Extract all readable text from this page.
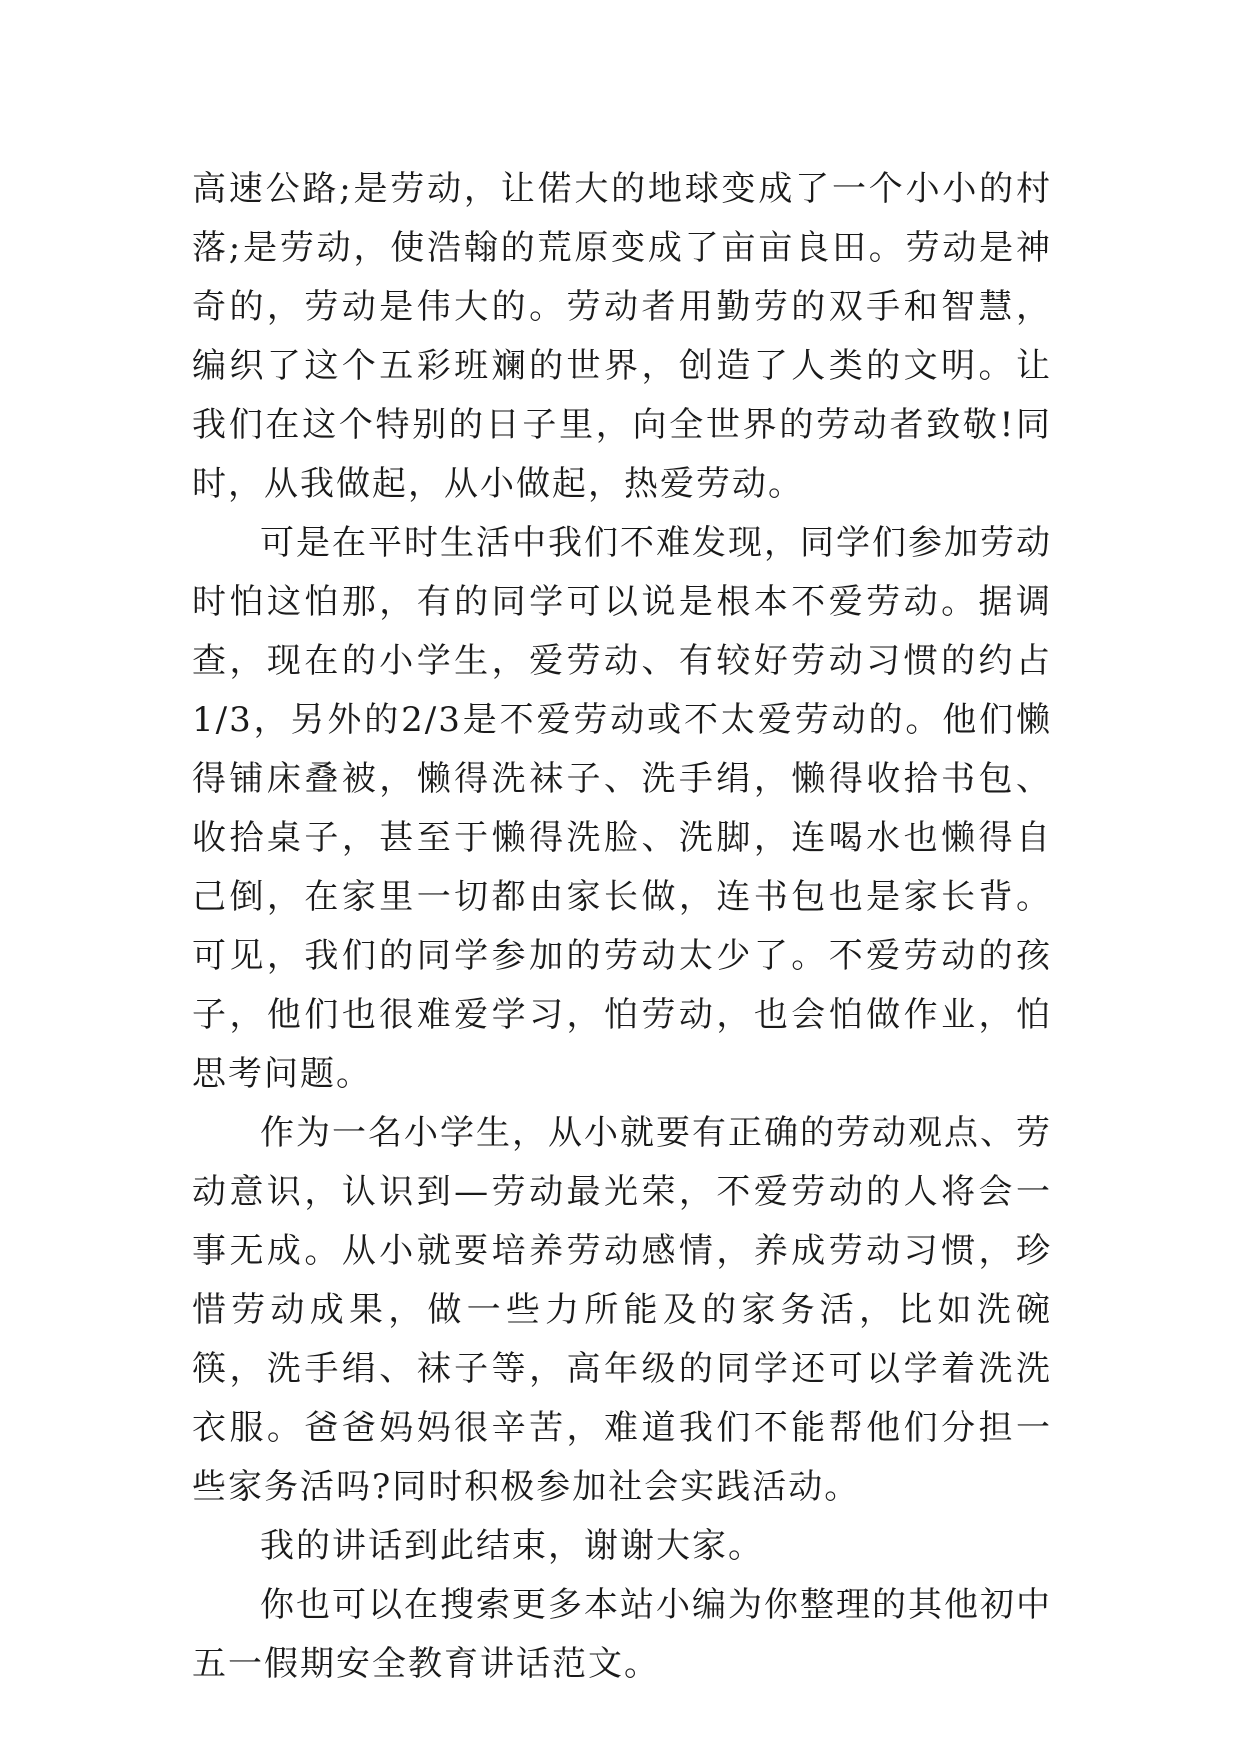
高速公路;是劳动，让偌大的地球变成了一个小小的村落;是劳动，使浩翰的荒原变成了亩亩良田。劳动是神奇的，劳动是伟大的。劳动者用勤劳的双手和智慧，编织了这个五彩班斓的世界，创造了人类的文明。让我们在这个特别的日子里，向全世界的劳动者致敬!同时，从我做起，从小做起，热爱劳动。

可是在平时生活中我们不难发现，同学们参加劳动时怕这怕那，有的同学可以说是根本不爱劳动。据调查，现在的小学生，爱劳动、有较好劳动习惯的约占1/3，另外的2/3是不爱劳动或不太爱劳动的。他们懒得铺床叠被，懒得洗袜子、洗手绢，懒得收拾书包、收拾桌子，甚至于懒得洗脸、洗脚，连喝水也懒得自己倒，在家里一切都由家长做，连书包也是家长背。可见，我们的同学参加的劳动太少了。不爱劳动的孩子，他们也很难爱学习，怕劳动，也会怕做作业，怕思考问题。

作为一名小学生，从小就要有正确的劳动观点、劳动意识，认识到—劳动最光荣，不爱劳动的人将会一事无成。从小就要培养劳动感情，养成劳动习惯，珍惜劳动成果，做一些力所能及的家务活，比如洗碗筷，洗手绢、袜子等，高年级的同学还可以学着洗洗衣服。爸爸妈妈很辛苦，难道我们不能帮他们分担一些家务活吗?同时积极参加社会实践活动。

我的讲话到此结束，谢谢大家。

你也可以在搜索更多本站小编为你整理的其他初中五一假期安全教育讲话范文。
